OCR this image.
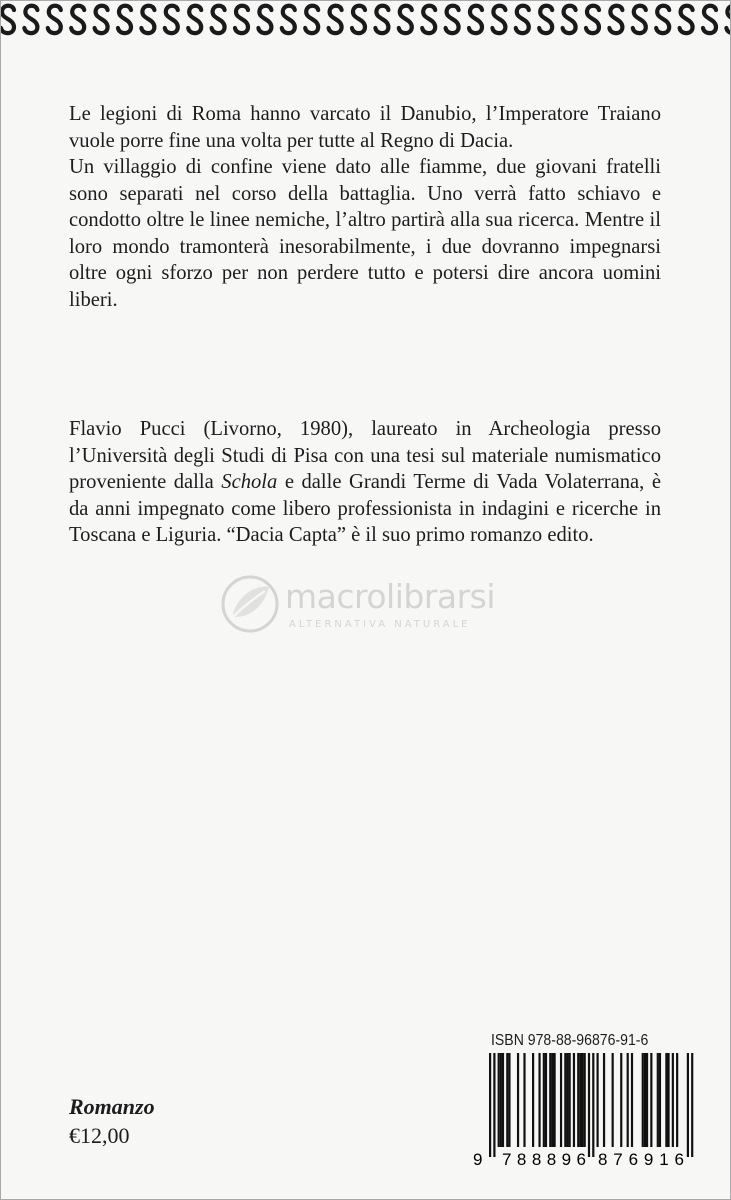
Le legioni di Roma hanno varcato il Danubio, l’Imperatore Traiano vuole porre fine una volta per tutte al Regno di Dacia.

Un villaggio di confine viene dato alle fiamme, due giovani fratelli sono separati nel corso della battaglia. Uno verrà fatto schiavo e condotto oltre le linee nemiche, l’altro partirà alla sua ricerca. Mentre il loro mondo tramonterà inesorabilmente, i due dovranno impegnarsi oltre ogni sforzo per non perdere tutto e potersi dire ancora uomini liberi.

Flavio Pucci (Livorno, 1980), laureato in Archeologia presso l’Università degli Studi di Pisa con una tesi sul materiale numismatico proveniente dalla Schola e dalle Grandi Terme di Vada Volaterrana, è da anni impegnato come libero professionista in indagini e ricerche in Toscana e Liguria. “Dacia Capta” è il suo primo romanzo edito.

macrolibrarsi
ALTERNATIVA NATURALE
Romanzo
€12,00
ISBN 978-88-96876-91-6
9 788896 876916
